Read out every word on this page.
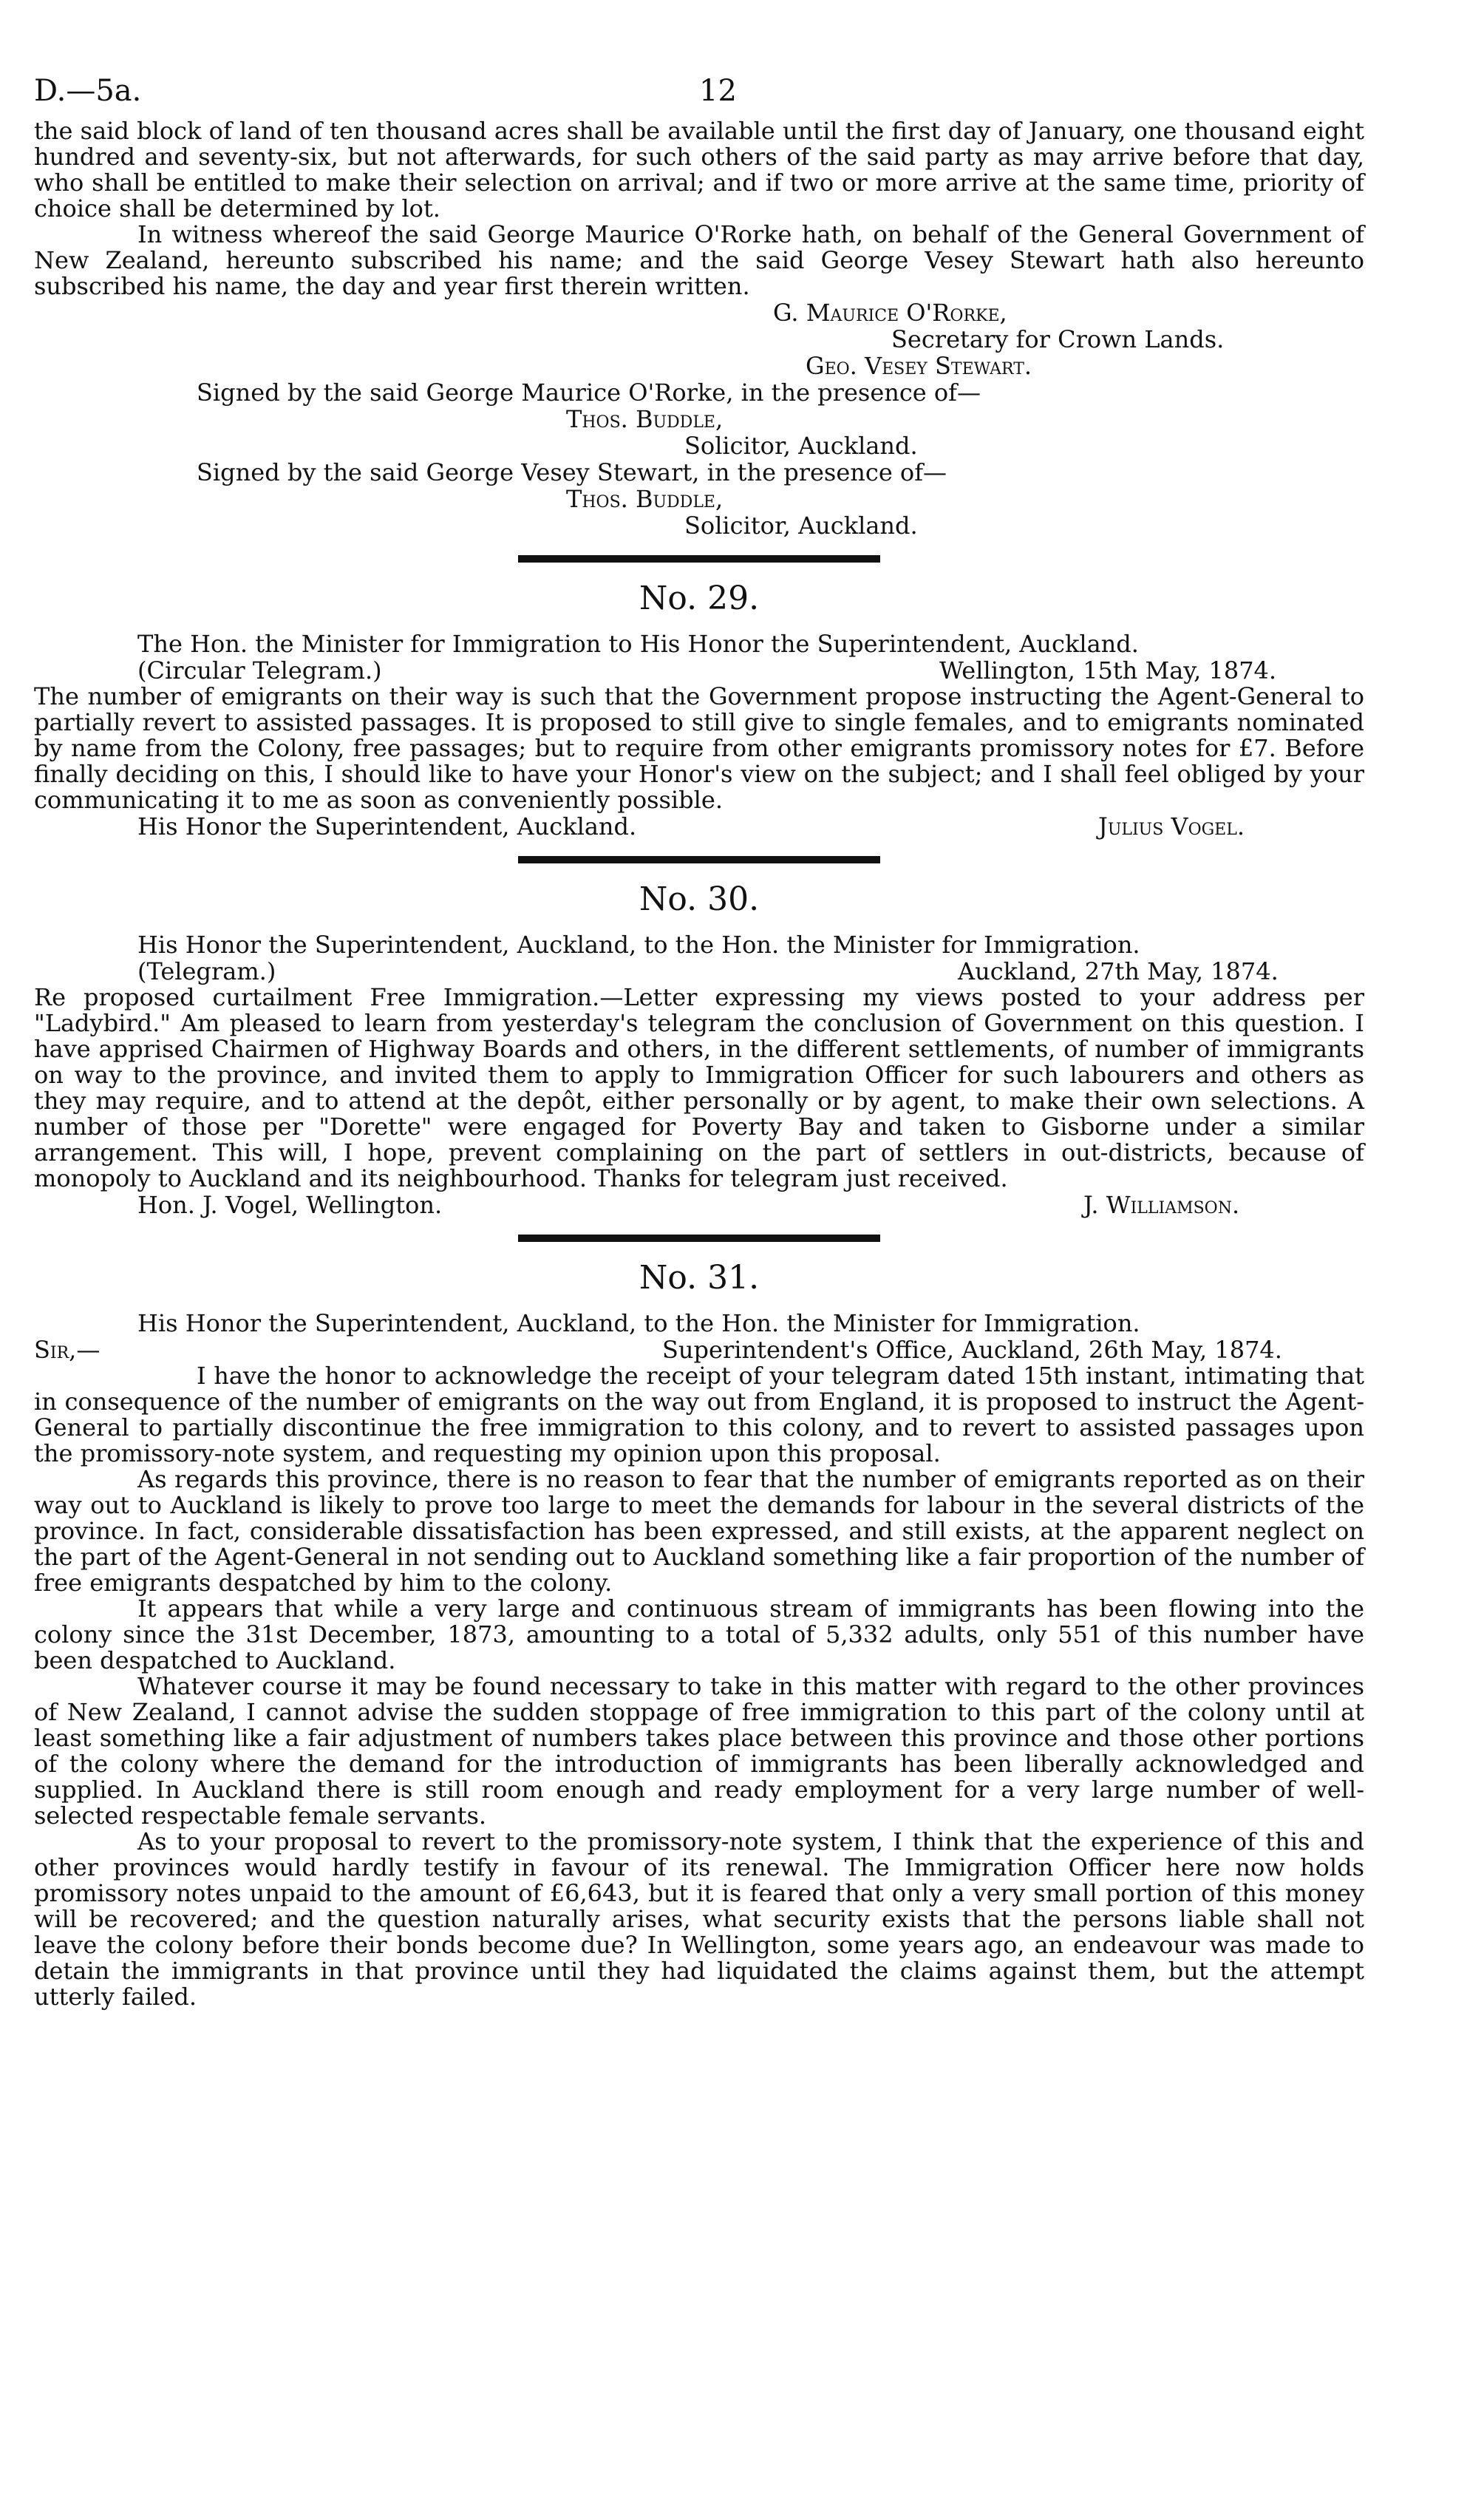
D.—5a.	12

the said block of land of ten thousand acres shall be available until the first day of January, one thousand eight hundred and seventy-six, but not afterwards, for such others of the said party as may arrive before that day, who shall be entitled to make their selection on arrival; and if two or more arrive at the same time, priority of choice shall be determined by lot.

In witness whereof the said George Maurice O'Rorke hath, on behalf of the General Government of New Zealand, hereunto subscribed his name; and the said George Vesey Stewart hath also hereunto subscribed his name, the day and year first therein written.

G. Maurice O'Rorke,
Secretary for Crown Lands.
Geo. Vesey Stewart.
Signed by the said George Maurice O'Rorke, in the presence of—
Thos. Buddle,
Solicitor, Auckland.
Signed by the said George Vesey Stewart, in the presence of—
Thos. Buddle,
Solicitor, Auckland.
No. 29.
The Hon. the Minister for Immigration to His Honor the Superintendent, Auckland.
(Circular Telegram.)	Wellington, 15th May, 1874.

The number of emigrants on their way is such that the Government propose instructing the Agent-General to partially revert to assisted passages. It is proposed to still give to single females, and to emigrants nominated by name from the Colony, free passages; but to require from other emigrants promissory notes for £7. Before finally deciding on this, I should like to have your Honor's view on the subject; and I shall feel obliged by your communicating it to me as soon as conveniently possible.

His Honor the Superintendent, Auckland.	Julius Vogel.
No. 30.
His Honor the Superintendent, Auckland, to the Hon. the Minister for Immigration.
(Telegram.)	Auckland, 27th May, 1874.

Re proposed curtailment Free Immigration.—Letter expressing my views posted to your address per "Ladybird." Am pleased to learn from yesterday's telegram the conclusion of Government on this question. I have apprised Chairmen of Highway Boards and others, in the different settlements, of number of immigrants on way to the province, and invited them to apply to Immigration Officer for such labourers and others as they may require, and to attend at the depôt, either personally or by agent, to make their own selections. A number of those per "Dorette" were engaged for Poverty Bay and taken to Gisborne under a similar arrangement. This will, I hope, prevent complaining on the part of settlers in out-districts, because of monopoly to Auckland and its neighbourhood. Thanks for telegram just received.

Hon. J. Vogel, Wellington.	J. Williamson.
No. 31.
His Honor the Superintendent, Auckland, to the Hon. the Minister for Immigration.
Sir,—	Superintendent's Office, Auckland, 26th May, 1874.

I have the honor to acknowledge the receipt of your telegram dated 15th instant, intimating that in consequence of the number of emigrants on the way out from England, it is proposed to instruct the Agent-General to partially discontinue the free immigration to this colony, and to revert to assisted passages upon the promissory-note system, and requesting my opinion upon this proposal.

As regards this province, there is no reason to fear that the number of emigrants reported as on their way out to Auckland is likely to prove too large to meet the demands for labour in the several districts of the province. In fact, considerable dissatisfaction has been expressed, and still exists, at the apparent neglect on the part of the Agent-General in not sending out to Auckland something like a fair proportion of the number of free emigrants despatched by him to the colony.

It appears that while a very large and continuous stream of immigrants has been flowing into the colony since the 31st December, 1873, amounting to a total of 5,332 adults, only 551 of this number have been despatched to Auckland.

Whatever course it may be found necessary to take in this matter with regard to the other provinces of New Zealand, I cannot advise the sudden stoppage of free immigration to this part of the colony until at least something like a fair adjustment of numbers takes place between this province and those other portions of the colony where the demand for the introduction of immigrants has been liberally acknowledged and supplied. In Auckland there is still room enough and ready employment for a very large number of well-selected respectable female servants.

As to your proposal to revert to the promissory-note system, I think that the experience of this and other provinces would hardly testify in favour of its renewal. The Immigration Officer here now holds promissory notes unpaid to the amount of £6,643, but it is feared that only a very small portion of this money will be recovered; and the question naturally arises, what security exists that the persons liable shall not leave the colony before their bonds become due? In Wellington, some years ago, an endeavour was made to detain the immigrants in that province until they had liquidated the claims against them, but the attempt utterly failed.
